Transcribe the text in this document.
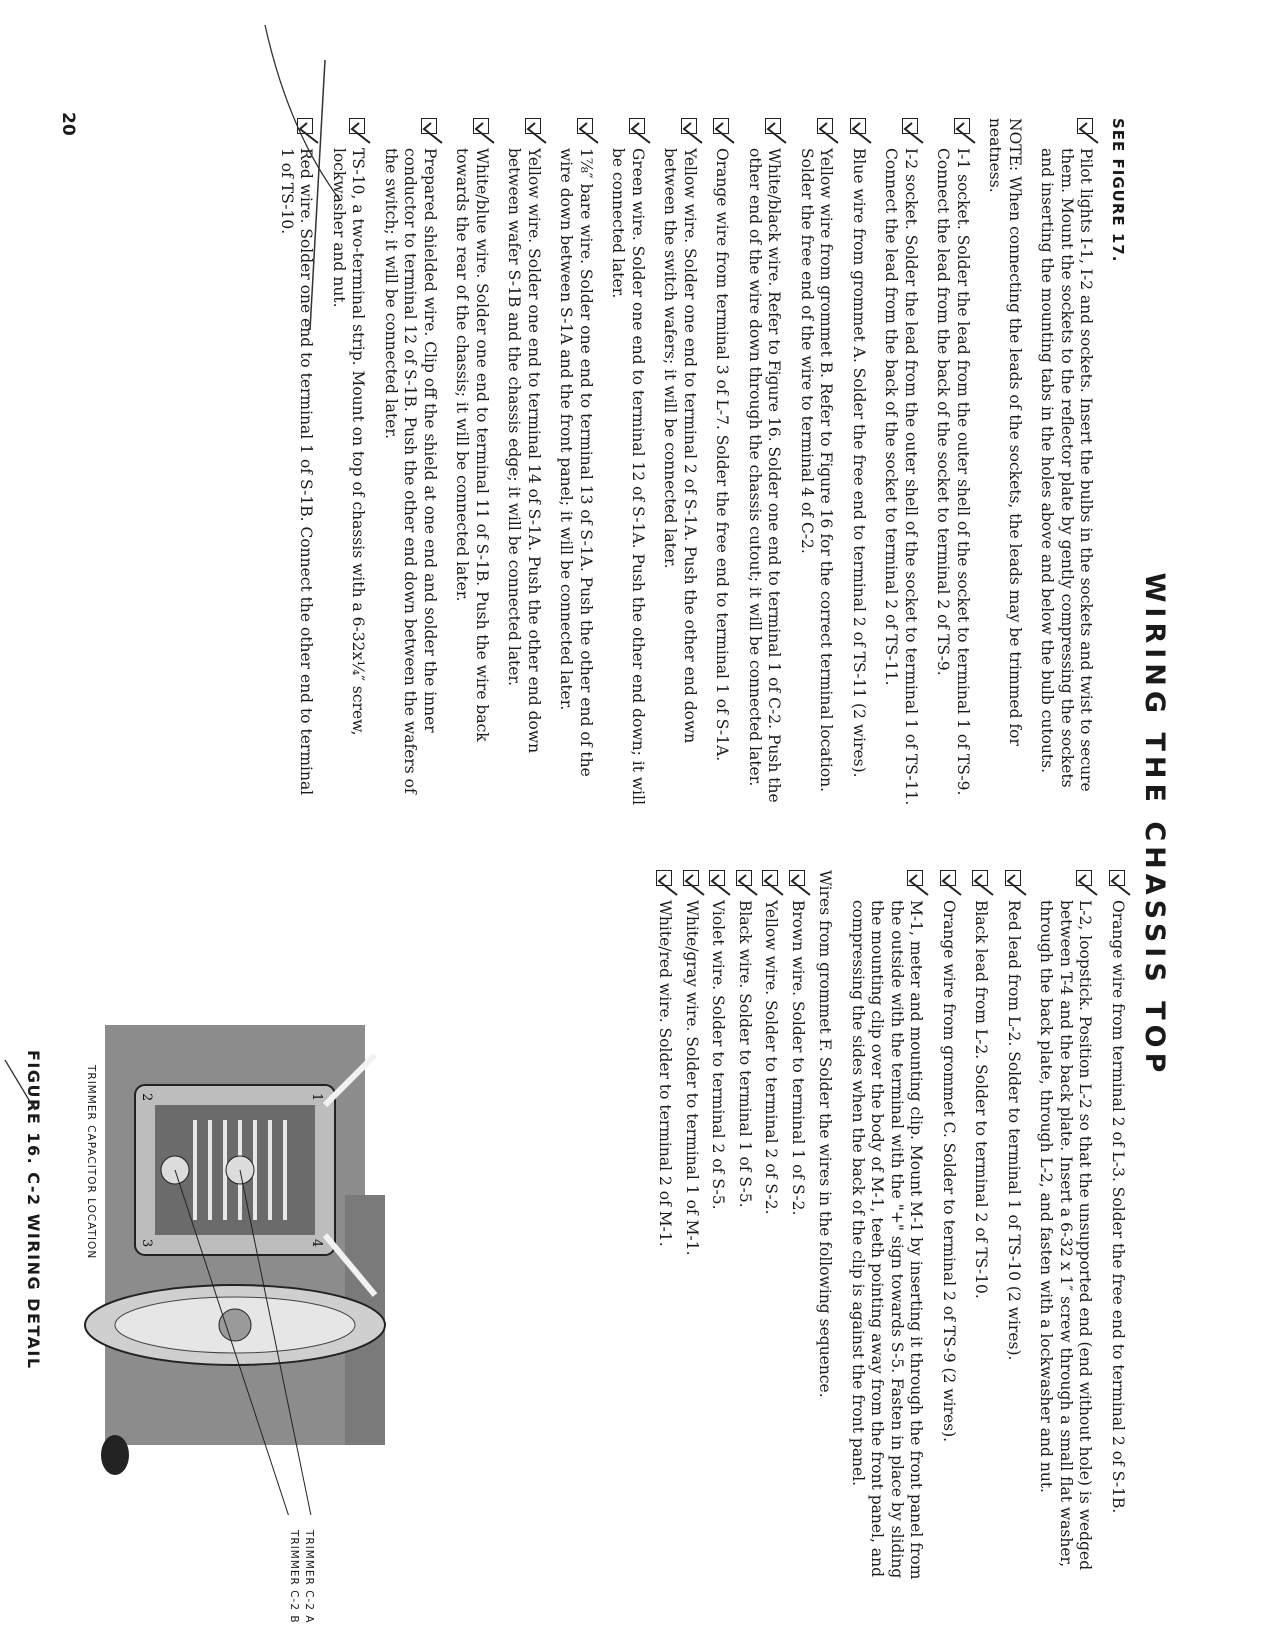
WIRING THE CHASSIS TOP
SEE FIGURE 17.
Pilot lights I-1, I-2 and sockets. Insert the bulbs in the sockets and twist to secure them. Mount the sockets to the reflector plate by gently compressing the sockets and inserting the mounting tabs in the holes above and below the bulb cutouts.
NOTE: When connecting the leads of the sockets, the leads may be trimmed for neatness.
I-1 socket. Solder the lead from the outer shell of the socket to terminal 1 of TS-9. Connect the lead from the back of the socket to terminal 2 of TS-9.
I-2 socket. Solder the lead from the outer shell of the socket to terminal 1 of TS-11. Connect the lead from the back of the socket to terminal 2 of TS-11.
Blue wire from grommet A. Solder the free end to terminal 2 of TS-11 (2 wires).
Yellow wire from grommet B. Refer to Figure 16 for the correct terminal location. Solder the free end of the wire to terminal 4 of C-2.
White/black wire. Refer to Figure 16. Solder one end to terminal 1 of C-2. Push the other end of the wire down through the chassis cutout; it will be connected later.
Orange wire from terminal 3 of L-7. Solder the free end to terminal 1 of S-1A.
Yellow wire. Solder one end to terminal 2 of S-1A. Push the other end down between the switch wafers; it will be connected later.
Green wire. Solder one end to terminal 12 of S-1A. Push the other end down; it will be connected later.
1⅞″ bare wire. Solder one end to terminal 13 of S-1A. Push the other end of the wire down between S-1A and the front panel; it will be connected later.
Yellow wire. Solder one end to terminal 14 of S-1A. Push the other end down between wafer S-1B and the chassis edge; it will be connected later.
White/blue wire. Solder one end to terminal 11 of S-1B. Push the wire back towards the rear of the chassis; it will be connected later.
Prepared shielded wire. Clip off the shield at one end and solder the inner conductor to terminal 12 of S-1B. Push the other end down between the wafers of the switch; it will be connected later.
TS-10, a two-terminal strip. Mount on top of chassis with a 6-32x¼″ screw, lockwasher and nut.
Red wire. Solder one end to terminal 1 of S-1B. Connect the other end to terminal 1 of TS-10.
Orange wire from terminal 2 of L-3. Solder the free end to terminal 2 of S-1B.
L-2, loopstick. Position L-2 so that the unsupported end (end without hole) is wedged between T-4 and the back plate. Insert a 6-32 x 1″ screw through a small flat washer, through the back plate, through L-2, and fasten with a lockwasher and nut.
Red lead from L-2. Solder to terminal 1 of TS-10 (2 wires).
Black lead from L-2. Solder to terminal 2 of TS-10.
Orange wire from grommet C. Solder to terminal 2 of TS-9 (2 wires).
M-1, meter and mounting clip. Mount M-1 by inserting it through the front panel from the outside with the terminal with the "+" sign towards S-5. Fasten in place by sliding the mounting clip over the body of M-1, teeth pointing away from the front panel, and compressing the sides when the back of the clip is against the front panel.
Wires from grommet F. Solder the wires in the following sequence.
Brown wire. Solder to terminal 1 of S-2.
Yellow wire. Solder to terminal 2 of S-2.
Black wire. Solder to terminal 1 of S-5.
Violet wire. Solder to terminal 2 of S-5.
White/gray wire. Solder to terminal 1 of M-1.
White/red wire. Solder to terminal 2 of M-1.
1
2
3	4
TRIMMER CAPACITOR LOCATION
TRIMMER C-2 A
TRIMMER C-2 B
FIGURE 16. C-2 WIRING DETAIL
20
